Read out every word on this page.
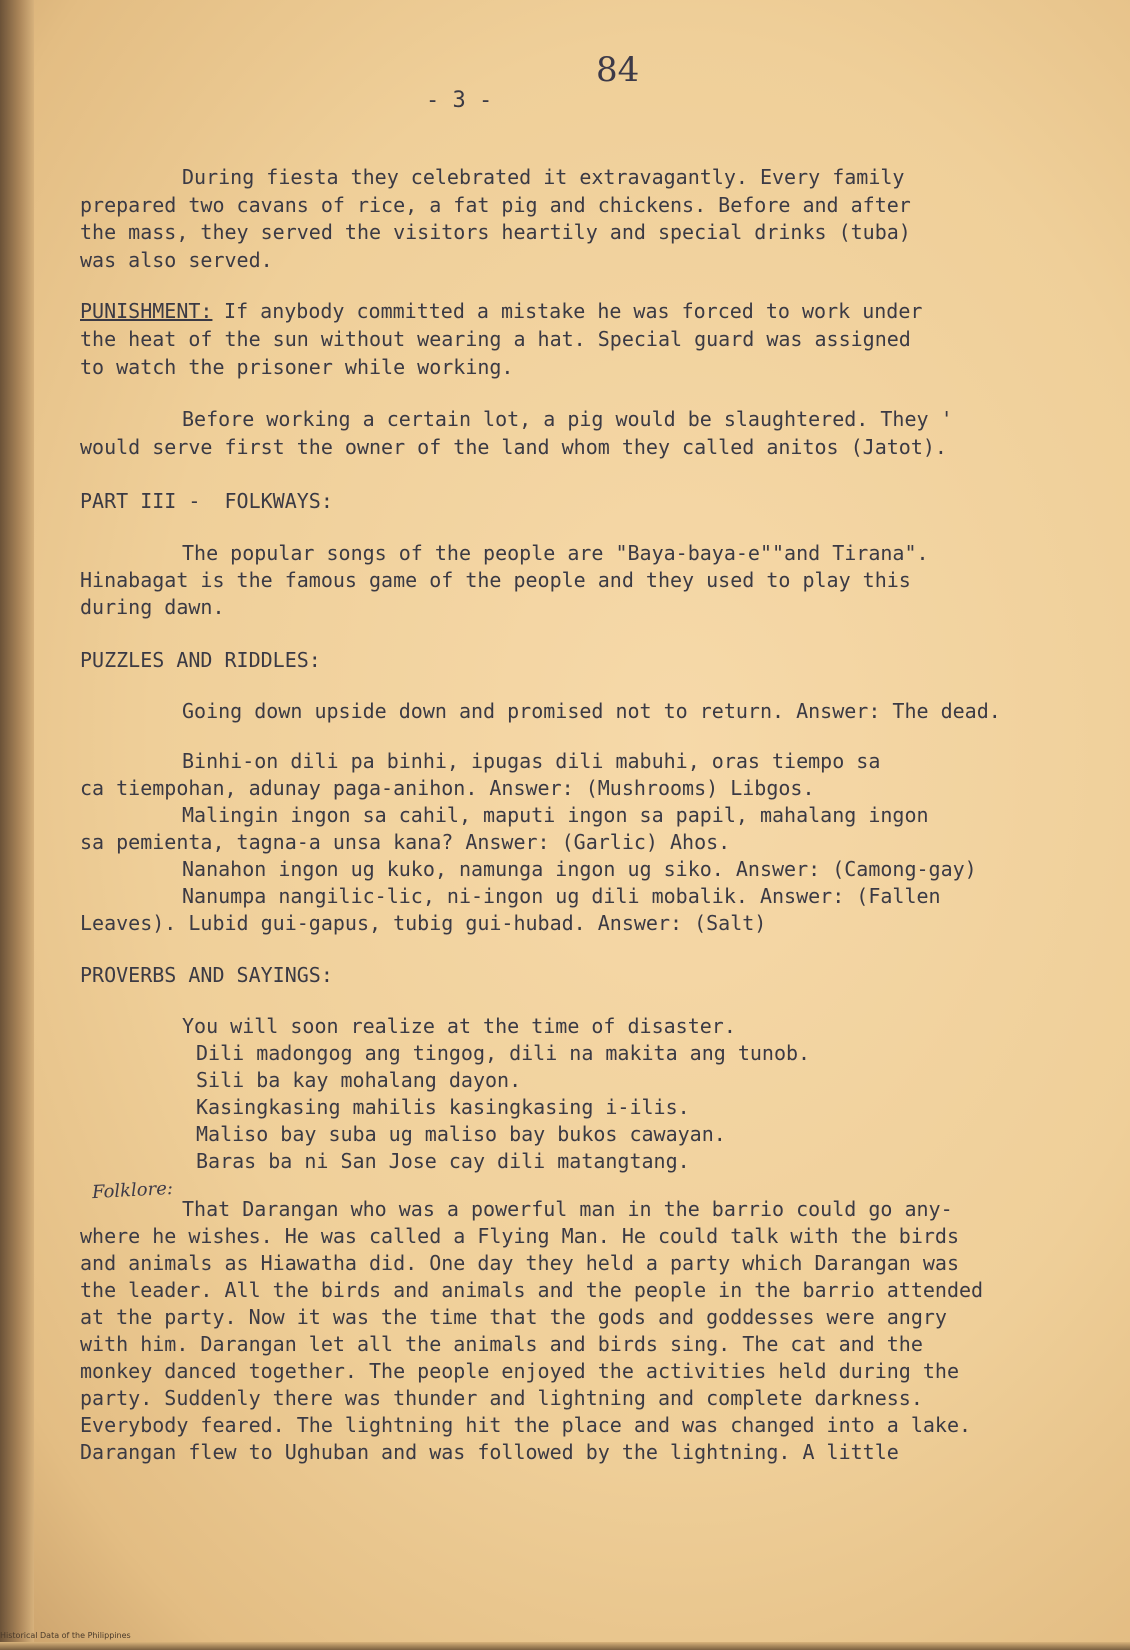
84
- 3 -
During fiesta they celebrated it extravagantly. Every family
prepared two cavans of rice, a fat pig and chickens. Before and after
the mass, they served the visitors heartily and special drinks (tuba)
was also served.
PUNISHMENT: If anybody committed a mistake he was forced to work under
the heat of the sun without wearing a hat. Special guard was assigned
to watch the prisoner while working.
Before working a certain lot, a pig would be slaughtered. They '
would serve first the owner of the land whom they called anitos (Jatot).
PART III -  FOLKWAYS:
The popular songs of the people are "Baya-baya-e""and Tirana".
Hinabagat is the famous game of the people and they used to play this
during dawn.
PUZZLES AND RIDDLES:
Going down upside down and promised not to return. Answer: The dead.
Binhi-on dili pa binhi, ipugas dili mabuhi, oras tiempo sa
ca tiempohan, adunay paga-anihon. Answer: (Mushrooms) Libgos.
Malingin ingon sa cahil, maputi ingon sa papil, mahalang ingon
sa pemienta, tagna-a unsa kana? Answer: (Garlic) Ahos.
Nanahon ingon ug kuko, namunga ingon ug siko. Answer: (Camong-gay)
Nanumpa nangilic-lic, ni-ingon ug dili mobalik. Answer: (Fallen
Leaves). Lubid gui-gapus, tubig gui-hubad. Answer: (Salt)
PROVERBS AND SAYINGS:
You will soon realize at the time of disaster.
Dili madongog ang tingog, dili na makita ang tunob.
Sili ba kay mohalang dayon.
Kasingkasing mahilis kasingkasing i-ilis.
Maliso bay suba ug maliso bay bukos cawayan.
Baras ba ni San Jose cay dili matangtang.
Folklore:
That Darangan who was a powerful man in the barrio could go any-
where he wishes. He was called a Flying Man. He could talk with the birds
and animals as Hiawatha did. One day they held a party which Darangan was
the leader. All the birds and animals and the people in the barrio attended
at the party. Now it was the time that the gods and goddesses were angry
with him. Darangan let all the animals and birds sing. The cat and the
monkey danced together. The people enjoyed the activities held during the
party. Suddenly there was thunder and lightning and complete darkness.
Everybody feared. The lightning hit the place and was changed into a lake.
Darangan flew to Ughuban and was followed by the lightning. A little
Historical Data of the Philippines
